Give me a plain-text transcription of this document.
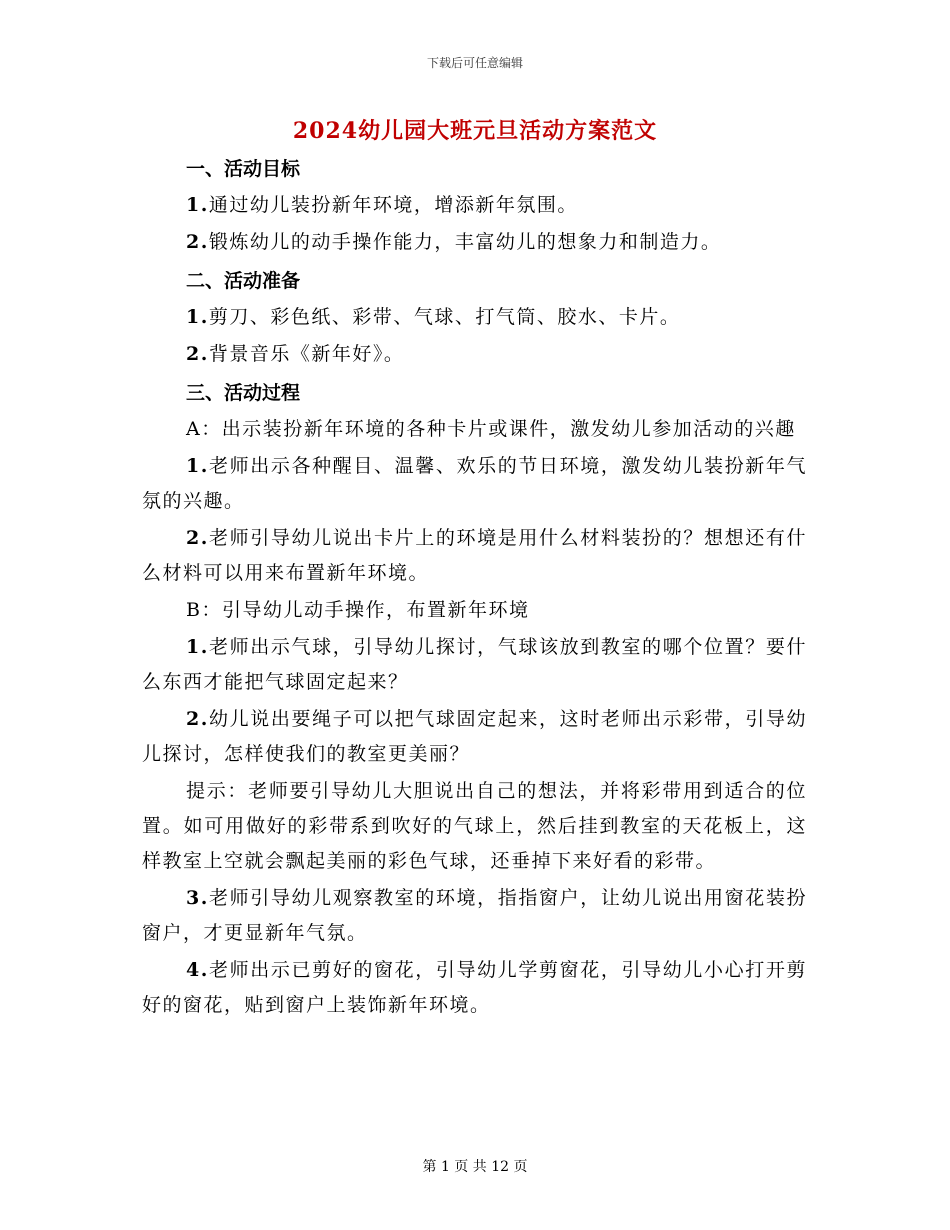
下载后可任意编辑
2024幼儿园大班元旦活动方案范文

一、活动目标

1.通过幼儿装扮新年环境，增添新年氛围。

2.锻炼幼儿的动手操作能力，丰富幼儿的想象力和制造力。

二、活动准备

1.剪刀、彩色纸、彩带、气球、打气筒、胶水、卡片。

2.背景音乐《新年好》。

三、活动过程

A：出示装扮新年环境的各种卡片或课件，激发幼儿参加活动的兴趣

1.老师出示各种醒目、温馨、欢乐的节日环境，激发幼儿装扮新年气氛的兴趣。

2.老师引导幼儿说出卡片上的环境是用什么材料装扮的？想想还有什么材料可以用来布置新年环境。

B：引导幼儿动手操作，布置新年环境

1.老师出示气球，引导幼儿探讨，气球该放到教室的哪个位置？要什么东西才能把气球固定起来？

2.幼儿说出要绳子可以把气球固定起来，这时老师出示彩带，引导幼儿探讨，怎样使我们的教室更美丽？

提示：老师要引导幼儿大胆说出自己的想法，并将彩带用到适合的位置。如可用做好的彩带系到吹好的气球上，然后挂到教室的天花板上，这样教室上空就会飘起美丽的彩色气球，还垂掉下来好看的彩带。

3.老师引导幼儿观察教室的环境，指指窗户，让幼儿说出用窗花装扮窗户，才更显新年气氛。

4.老师出示已剪好的窗花，引导幼儿学剪窗花，引导幼儿小心打开剪好的窗花，贴到窗户上装饰新年环境。

第 1 页 共 12 页
